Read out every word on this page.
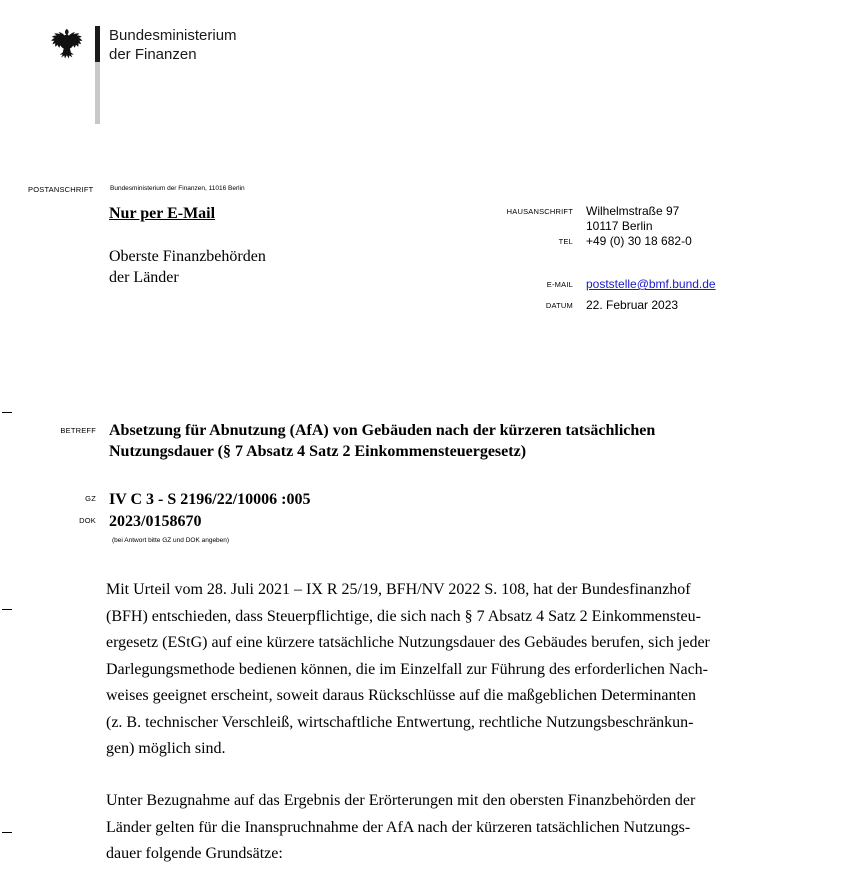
Bundesministerium
der Finanzen
POSTANSCHRIFT	Bundesministerium der Finanzen, 11016 Berlin
Nur per E-Mail
Oberste Finanzbehörden
der Länder
HAUSANSCHRIFT Wilhelmstraße 97
10117 Berlin
TEL +49 (0) 30 18 682-0
E-MAIL poststelle@bmf.bund.de
DATUM 22. Februar 2023
BETREFF Absetzung für Abnutzung (AfA) von Gebäuden nach der kürzeren tatsächlichen
Nutzungsdauer (§ 7 Absatz 4 Satz 2 Einkommensteuergesetz)
GZ IV C 3 - S 2196/22/10006 :005
DOK 2023/0158670
(bei Antwort bitte GZ und DOK angeben)
Mit Urteil vom 28. Juli 2021 – IX R 25/19, BFH/NV 2022 S. 108, hat der Bundesfinanzhof
(BFH) entschieden, dass Steuerpflichtige, die sich nach § 7 Absatz 4 Satz 2 Einkommensteu-
ergesetz (EStG) auf eine kürzere tatsächliche Nutzungsdauer des Gebäudes berufen, sich jeder
Darlegungsmethode bedienen können, die im Einzelfall zur Führung des erforderlichen Nach-
weises geeignet erscheint, soweit daraus Rückschlüsse auf die maßgeblichen Determinanten
(z. B. technischer Verschleiß, wirtschaftliche Entwertung, rechtliche Nutzungsbeschränkun-
gen) möglich sind.
Unter Bezugnahme auf das Ergebnis der Erörterungen mit den obersten Finanzbehörden der
Länder gelten für die Inanspruchnahme der AfA nach der kürzeren tatsächlichen Nutzungs-
dauer folgende Grundsätze:
